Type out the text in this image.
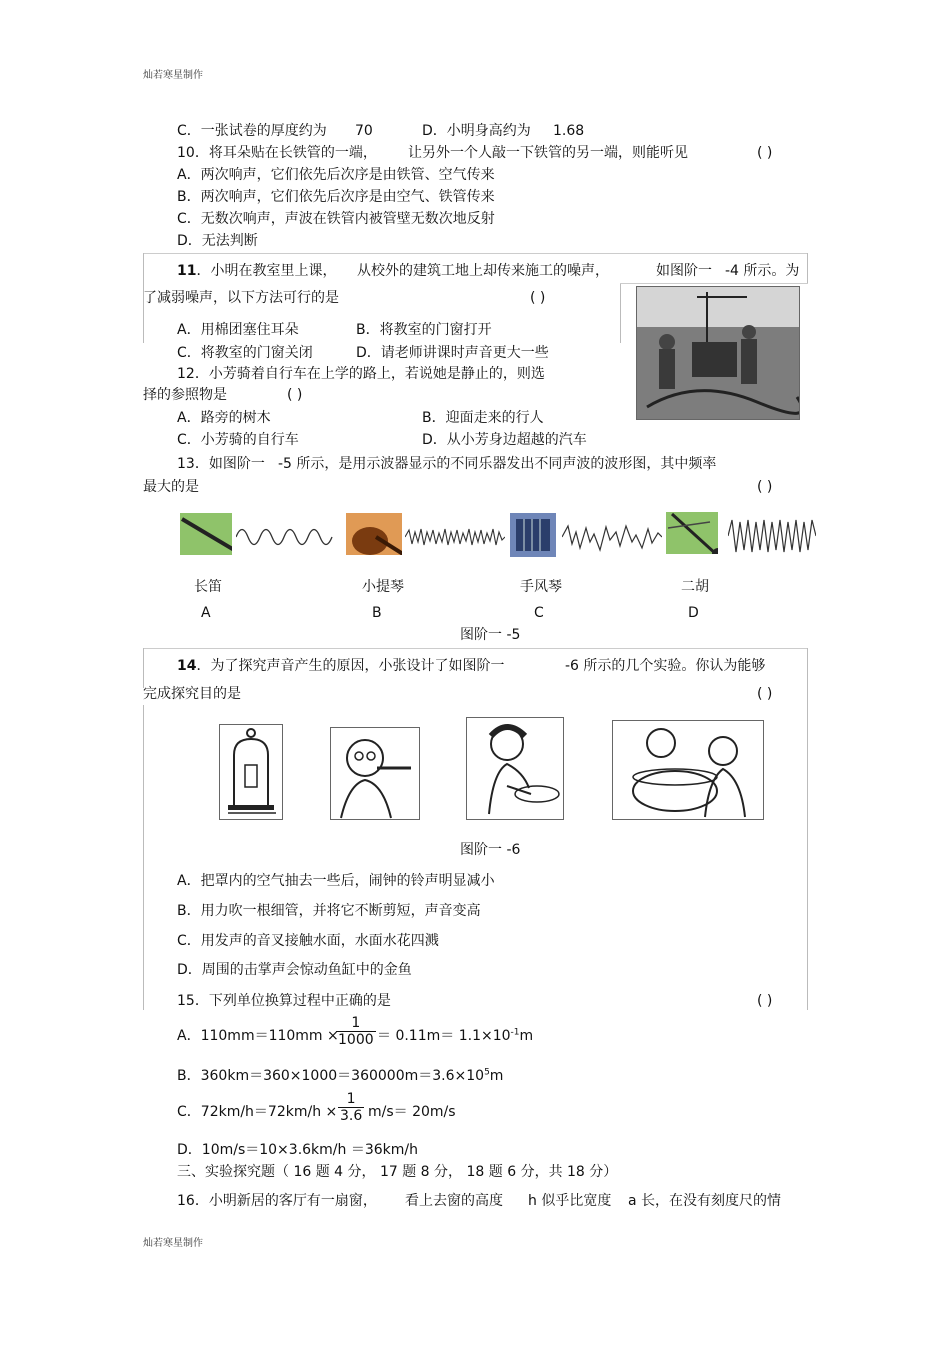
灿若寒星制作
灿若寒星制作
C．一张试卷的厚度约为 70	D．小明身高约为 1.68
10．将耳朵贴在长铁管的一端， 让另外一个人敲一下铁管的另一端，则能听见	( )
A．两次响声，它们依先后次序是由铁管、空气传来
B．两次响声，它们依先后次序是由空气、铁管传来
C．无数次响声，声波在铁管内被管壁无数次地反射
D．无法判断
11．小明在教室里上课， 从校外的建筑工地上却传来施工的噪声，	如图阶一 -4 所示。为
了减弱噪声，以下方法可行的是	( )
A．用棉团塞住耳朵	B．将教室的门窗打开
C．将教室的门窗关闭	D．请老师讲课时声音更大一些
12．小芳骑着自行车在上学的路上，若说她是静止的，则选
择的参照物是	( )
A．路旁的树木	B．迎面走来的行人
C．小芳骑的自行车	D．从小芳身边超越的汽车
13．如图阶一 -5 所示，是用示波器显示的不同乐器发出不同声波的波形图，其中频率
最大的是	( )
长笛
A
小提琴
B
手风琴
C
二胡
D
图阶一 -5
14．为了探究声音产生的原因，小张设计了如图阶一	-6 所示的几个实验。你认为能够
完成探究目的是	( )
图阶一 -6
A．把罩内的空气抽去一些后，闹钟的铃声明显减小
B．用力吹一根细管，并将它不断剪短，声音变高
C．用发声的音叉接触水面，水面水花四溅
D．周围的击掌声会惊动鱼缸中的金鱼
15．下列单位换算过程中正确的是	( )
A．110mm＝110mm ×
$\frac{1}{1000} = 0.11m= 1.1\times 10^{-1}m$
B．$360km=360\times 1000=360000m=3.6\times 10^5m$
C．$72km/h=72km/h \times \frac{1}{3.6} m/s= 20m/s$
D．10m/s＝10×3.6km/h ＝36km/h
三、实验探究题（ 16 题 4 分， 17 题 8 分， 18 题 6 分，共 18 分）
16．小明新居的客厅有一扇窗， 看上去窗的高度 h 似乎比宽度 a 长，在没有刻度尺的情
